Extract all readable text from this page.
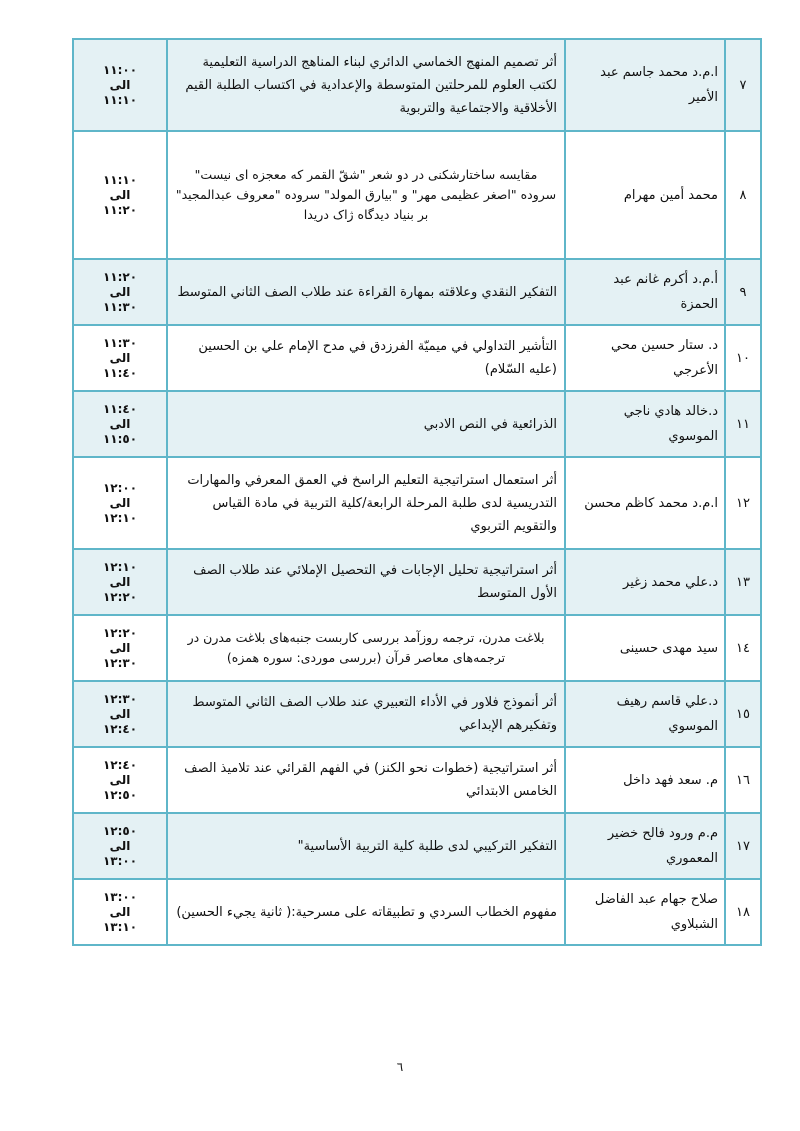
٧	ا.م.د محمد جاسم عبد الأمير	أثر تصميم المنهج الخماسي الدائري لبناء المناهج الدراسية التعليمية لكتب العلوم للمرحلتين المتوسطة والإعدادية في اكتساب الطلبة القيم الأخلاقية والاجتماعية والتربوية	١١:٠٠
الى
١١:١٠

٨	محمد أمين مهرام	مقایسه ساختارشكنی در دو شعر "شقّ القمر كه معجزه ای نیست" سروده "اصغر عظیمی مهر" و "بیارق المولد" سروده "معروف عبدالمجید" بر بنیاد دیدگاه ژاک دریدا	١١:١٠
الى
١١:٢٠

٩	أ.م.د أكرم غانم عبد الحمزة	التفكير النقدي وعلاقته بمهارة القراءة عند طلاب الصف الثاني المتوسط	١١:٢٠
الى
١١:٣٠

١٠	د. ستار حسين محي الأعرجي	التأشير التداولي في ميميّة الفرزدق في مدح الإمام علي بن الحسين (عليه السّلام)	١١:٣٠
الى
١١:٤٠

١١	د.خالد هادي ناجي الموسوي	الذرائعية في النص الادبي	١١:٤٠
الى
١١:٥٠

١٢	ا.م.د محمد كاظم محسن	أثر استعمال استراتيجية التعليم الراسخ في العمق المعرفي والمهارات التدريسية لدى طلبة المرحلة الرابعة/كلية التربية في مادة القياس والتقويم التربوي	١٢:٠٠
الى
١٢:١٠

١٣	د.علي محمد زغير	أثر استراتيجية تحليل الإجابات في التحصيل الإملائي عند طلاب الصف الأول المتوسط	١٢:١٠
الى
١٢:٢٠

١٤	سيد مهدی حسینی	بلاغت مدرن، ترجمه روزآمد بررسی كاربست جنبه‌های بلاغت مدرن در ترجمه‌های معاصر قرآن (بررسی موردی: سوره همزه)	١٢:٢٠
الى
١٢:٣٠

١٥	د.علي قاسم رهيف الموسوي	أثر أنموذج فلاور في الأداء التعبيري عند طلاب الصف الثاني المتوسط وتفكيرهم الإبداعي	١٢:٣٠
الى
١٢:٤٠

١٦	م. سعد فهد داخل	أثر استراتيجية (خطوات نحو الكنز) في الفهم القرائي عند تلاميذ الصف الخامس الابتدائي	١٢:٤٠
الى
١٢:٥٠

١٧	م.م ورود فالح خضير المعموري	التفكير التركيبي لدى طلبة كلية التربية الأساسية"	١٢:٥٠
الى
١٣:٠٠

١٨	صلاح جهام عبد الفاضل الشبلاوي	مفهوم الخطاب السردي و تطبيقاته على مسرحية:( ثانية يجيء الحسين)	١٣:٠٠
الى
١٣:١٠
٦
